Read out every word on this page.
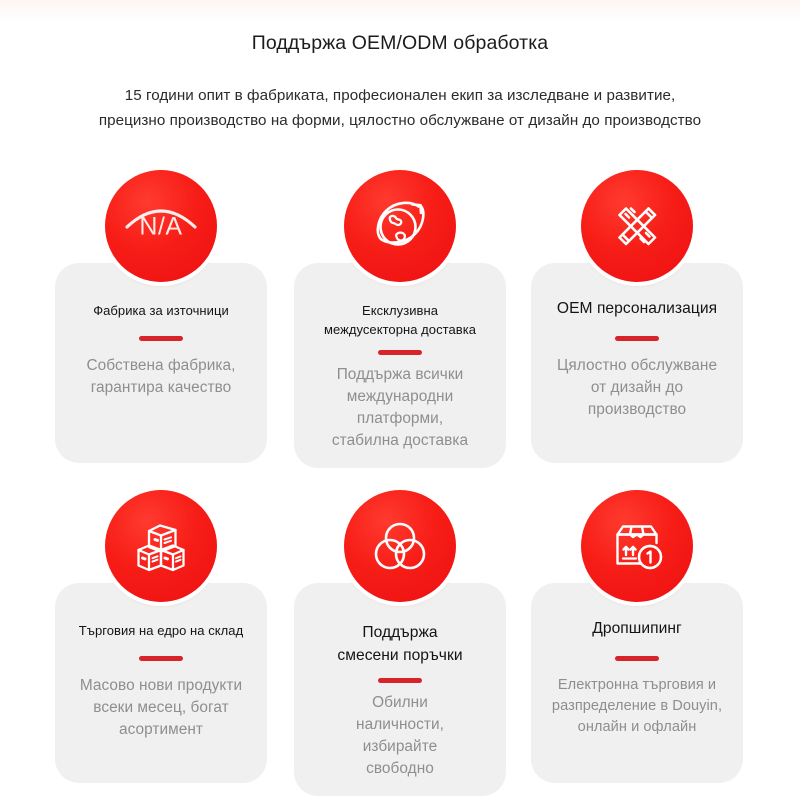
Поддържа OEM/ODM обработка

15 години опит в фабриката, професионален екип за изследване и развитие,
прецизно производство на форми, цялостно обслужване от дизайн до производство

N/A

Фабрика за източници

Собствена фабрика,
гарантира качество

Ексклузивна
междусекторна доставка

Поддържа всички
международни
платформи,
стабилна доставка

OEM персонализация

Цялостно обслужване
от дизайн до
производство

Търговия на едро на склад

Масово нови продукти
всеки месец, богат
асортимент

Поддържа
смесени поръчки

Обилни
наличности,
избирайте
свободно

Дропшипинг

Електронна търговия и
разпределение в Douyin,
онлайн и офлайн
